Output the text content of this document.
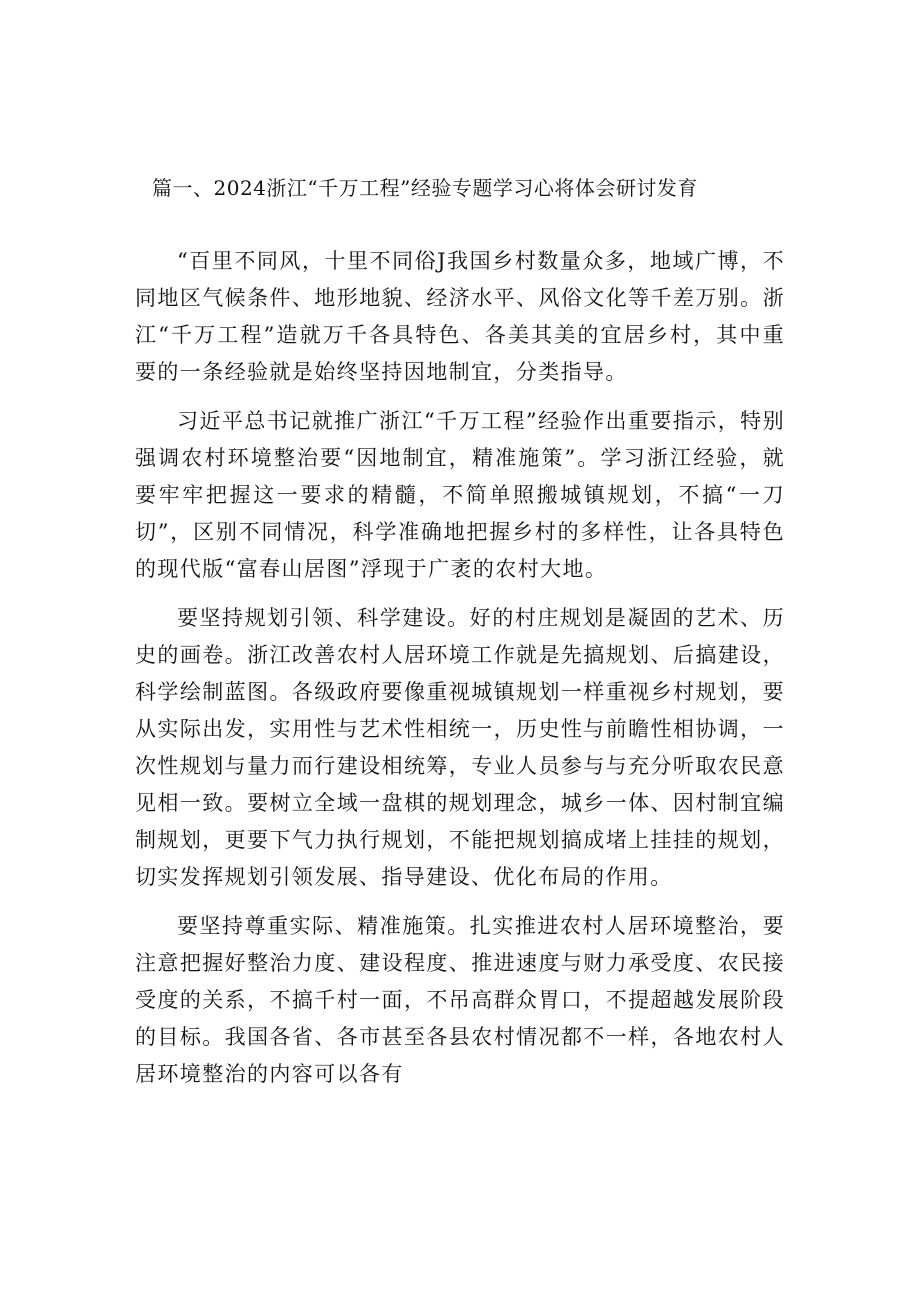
篇一、2024浙江“千万工程”经验专题学习心将体会研讨发育

“百里不同风，十里不同俗J我国乡村数量众多，地域广博，不同地区气候条件、地形地貌、经济水平、风俗文化等千差万别。浙江“千万工程”造就万千各具特色、各美其美的宜居乡村，其中重要的一条经验就是始终坚持因地制宜，分类指导。

习近平总书记就推广浙江“千万工程”经验作出重要指示，特别强调农村环境整治要“因地制宜，精准施策”。学习浙江经验，就要牢牢把握这一要求的精髓，不简单照搬城镇规划，不搞“一刀切”，区别不同情况，科学准确地把握乡村的多样性，让各具特色的现代版“富春山居图”浮现于广袤的农村大地。

要坚持规划引领、科学建设。好的村庄规划是凝固的艺术、历史的画卷。浙江改善农村人居环境工作就是先搞规划、后搞建设，科学绘制蓝图。各级政府要像重视城镇规划一样重视乡村规划，要从实际出发，实用性与艺术性相统一，历史性与前瞻性相协调，一次性规划与量力而行建设相统筹，专业人员参与与充分听取农民意见相一致。要树立全域一盘棋的规划理念，城乡一体、因村制宜编制规划，更要下气力执行规划，不能把规划搞成堵上挂挂的规划，切实发挥规划引领发展、指导建设、优化布局的作用。

要坚持尊重实际、精准施策。扎实推进农村人居环境整治，要注意把握好整治力度、建设程度、推进速度与财力承受度、农民接受度的关系，不搞千村一面，不吊高群众胃口，不提超越发展阶段的目标。我国各省、各市甚至各县农村情况都不一样，各地农村人居环境整治的内容可以各有
